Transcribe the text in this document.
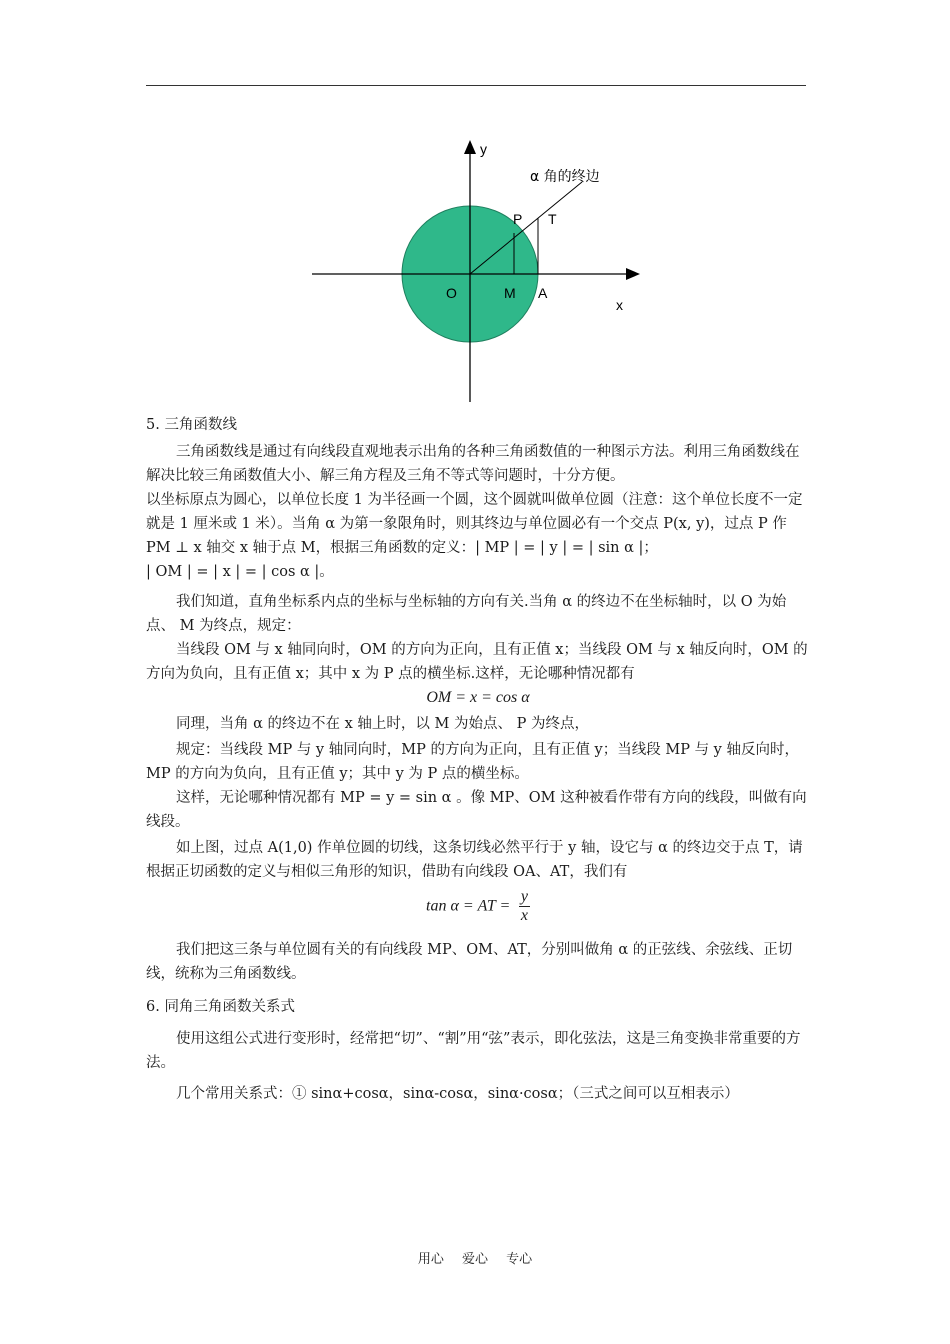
y
x
α 角的终边
O	M A
P T

5. 三角函数线

三角函数线是通过有向线段直观地表示出角的各种三角函数值的一种图示方法。利用三角函数线在解决比较三角函数值大小、解三角方程及三角不等式等问题时，十分方便。

以坐标原点为圆心，以单位长度 1 为半径画一个圆，这个圆就叫做单位圆（注意：这个单位长度不一定就是 1 厘米或 1 米）。当角 α 为第一象限角时，则其终边与单位圆必有一个交点 P(x, y)，过点 P 作 PM ⊥ x 轴交 x 轴于点 M，根据三角函数的定义：| MP | = | y | = | sin α |；

| OM | = | x | = | cos α |。

我们知道，直角坐标系内点的坐标与坐标轴的方向有关.当角 α 的终边不在坐标轴时，以 O 为始点、 M 为终点，规定：

当线段 OM 与 x 轴同向时，OM 的方向为正向，且有正值 x；当线段 OM 与 x 轴反向时，OM 的方向为负向，且有正值 x；其中 x 为 P 点的横坐标.这样，无论哪种情况都有

OM = x = cos α

同理，当角 α 的终边不在 x 轴上时，以 M 为始点、 P 为终点，

规定：当线段 MP 与 y 轴同向时，MP 的方向为正向，且有正值 y；当线段 MP 与 y 轴反向时，MP 的方向为负向，且有正值 y；其中 y 为 P 点的横坐标。

这样，无论哪种情况都有 MP = y = sin α 。像 MP、OM 这种被看作带有方向的线段，叫做有向线段。

如上图，过点 A(1,0) 作单位圆的切线，这条切线必然平行于 y 轴，设它与 α 的终边交于点 T，请根据正切函数的定义与相似三角形的知识，借助有向线段 OA、AT，我们有

tan α = AT = $\frac{y}{x}$

我们把这三条与单位圆有关的有向线段 MP、OM、AT，分别叫做角 α 的正弦线、余弦线、正切线，统称为三角函数线。

6. 同角三角函数关系式

使用这组公式进行变形时，经常把“切”、“割”用“弦”表示，即化弦法，这是三角变换非常重要的方法。

几个常用关系式：① sinα+cosα，sinα-cosα，sinα·cosα；（三式之间可以互相表示）

用心 爱心 专心
